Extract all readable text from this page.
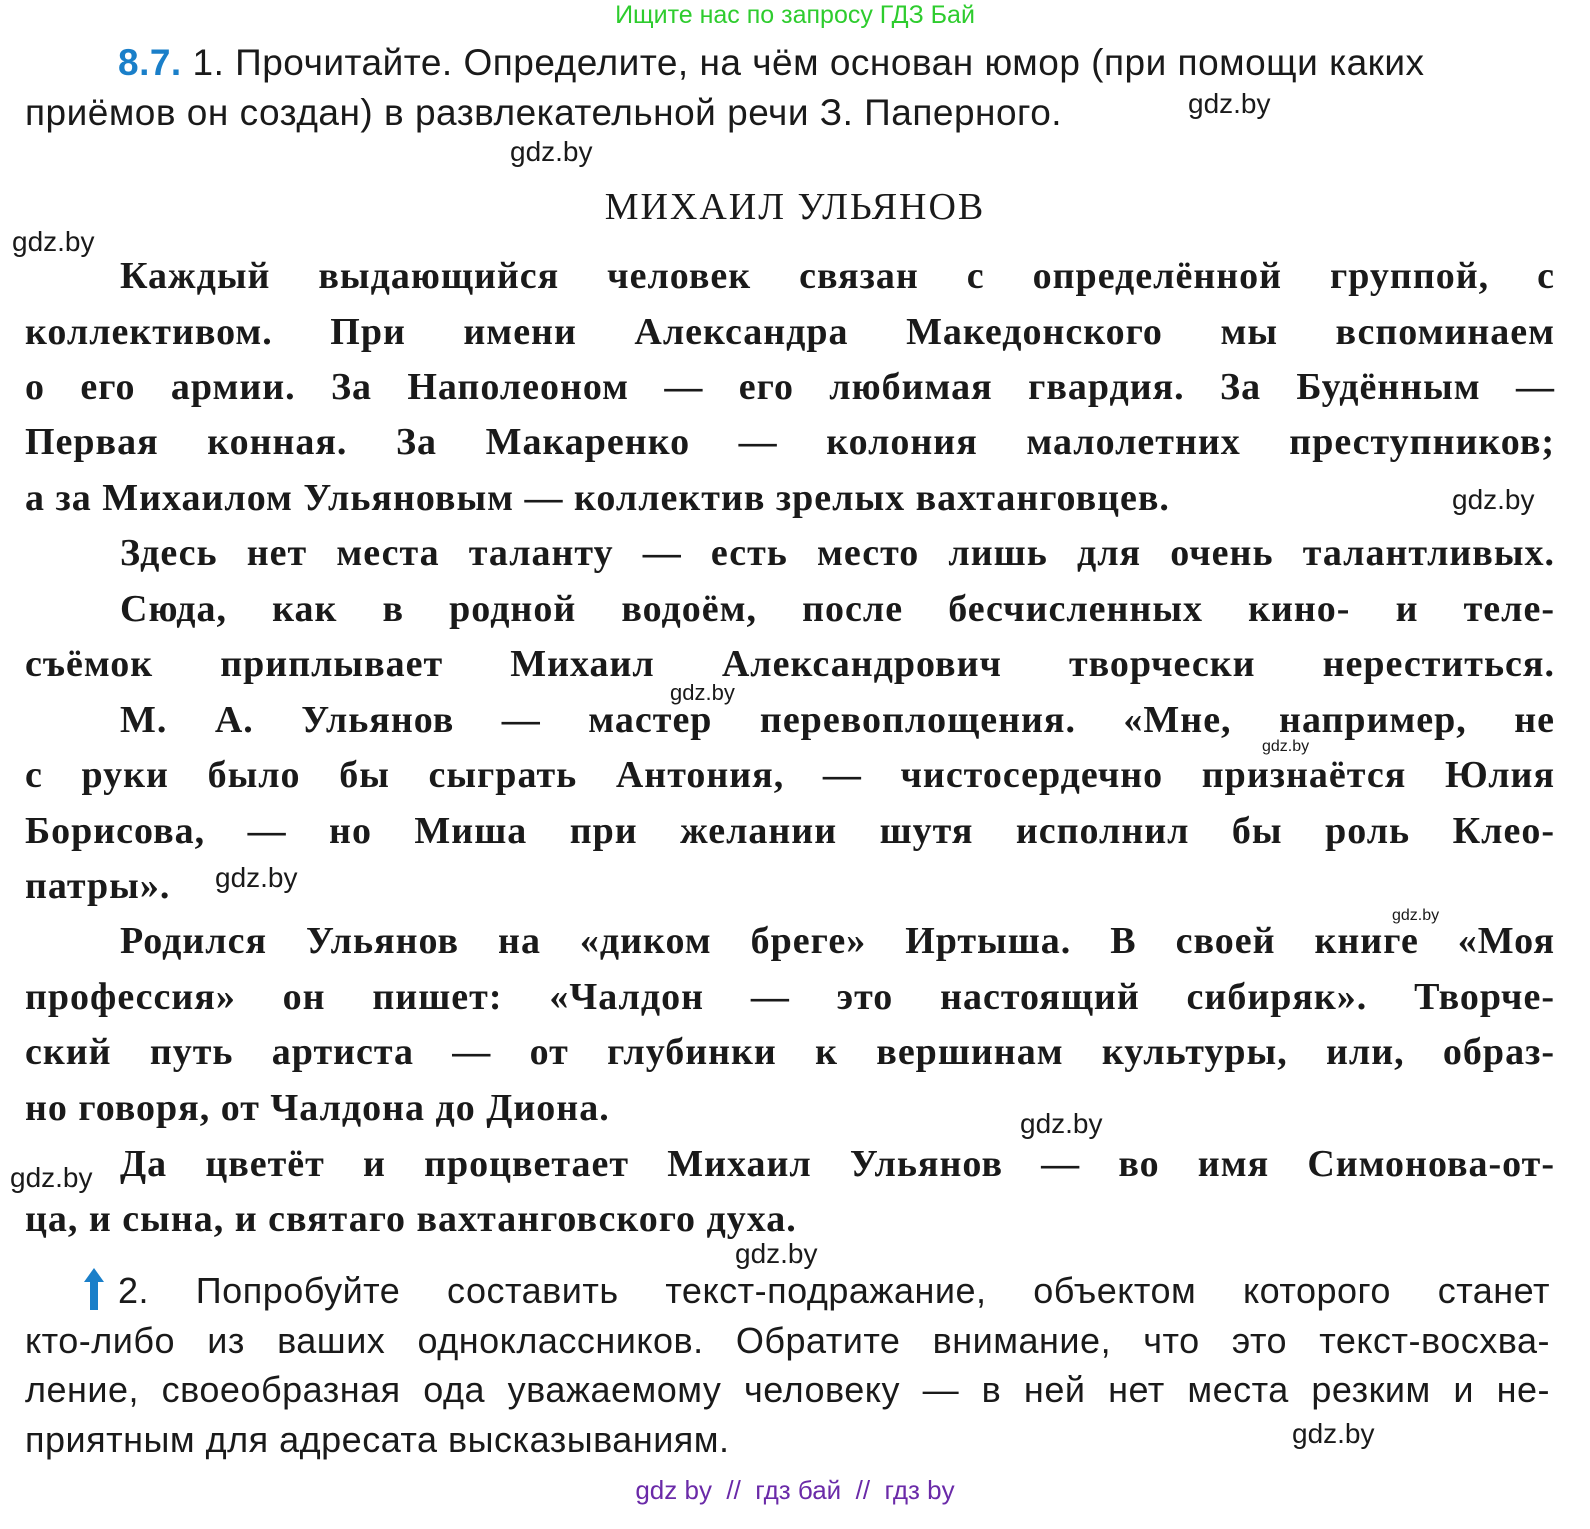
Ищите нас по запросу ГДЗ Бай
8.7. 1. Прочитайте. Определите, на чём основан юмор (при помощи каких
приёмов он создан) в развлекательной речи З. Паперного.	gdz.by
gdz.by
МИХАИЛ УЛЬЯНОВ
gdz.by
Каждый выдающийся человек связан с определённой группой, с
коллективом. При имени Александра Македонского мы вспоминаем
о его армии. За Наполеоном — его любимая гвардия. За Будённым —
Первая конная. За Макаренко — колония малолетних преступников;
а за Михаилом Ульяновым — коллектив зрелых вахтанговцев.	gdz.by
Здесь нет места таланту — есть место лишь для очень талантливых.
Сюда, как в родной водоём, после бесчисленных кино- и теле-
съёмок приплывает Михаил Александрович творчески нереститься.
gdz.by
М. А. Ульянов — мастер перевоплощения. «Мне, например, не
gdz.by
с руки было бы сыграть Антония, — чистосердечно признаётся Юлия
Борисова, — но Миша при желании шутя исполнил бы роль Клео-
патры». gdz.by
gdz.by
Родился Ульянов на «диком бреге» Иртыша. В своей книге «Моя
профессия» он пишет: «Чалдон — это настоящий сибиряк». Творче-
ский путь артиста — от глубинки к вершинам культуры, или, образ-
но говоря, от Чалдона до Диона.	gdz.by
gdz.by Да цветёт и процветает Михаил Ульянов — во имя Симонова-от-
ца, и сына, и святаго вахтанговского духа.
gdz.by
2. Попробуйте составить текст-подражание, объектом которого станет
кто-либо из ваших одноклассников. Обратите внимание, что это текст-восхва-
ление, своеобразная ода уважаемому человеку — в ней нет места резким и не-
приятным для адресата высказываниям.	gdz.by
gdz by  //  гдз бай  //  гдз by
